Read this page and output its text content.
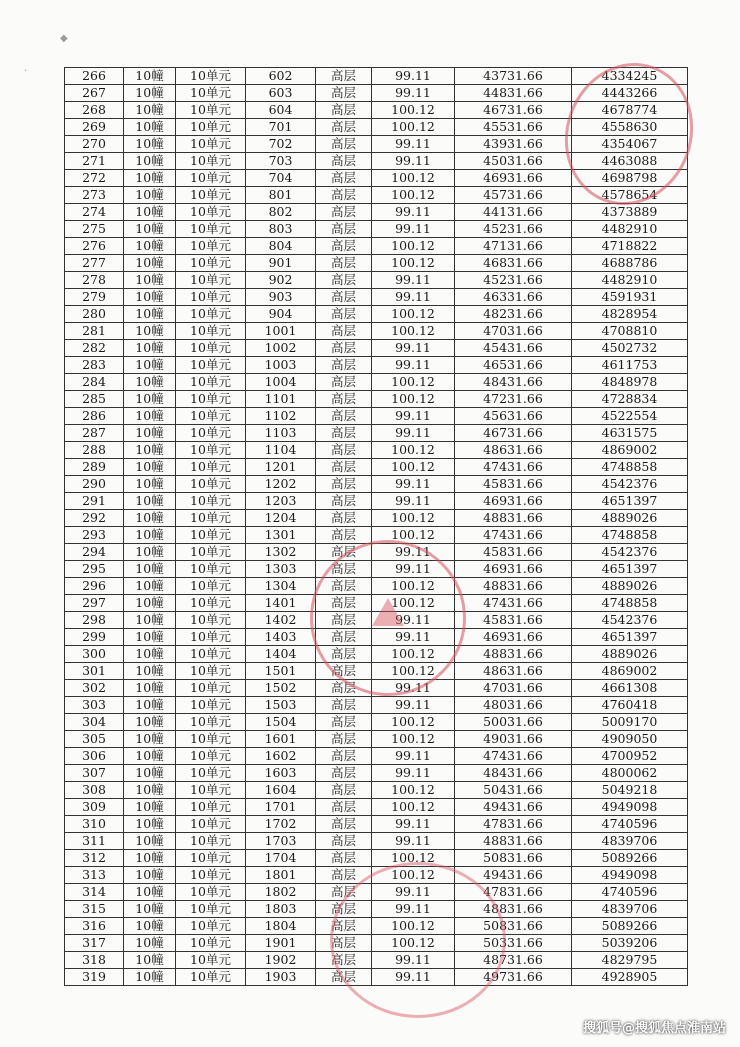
◆
·	266	10幢	10单元	602	高层	99.11	43731.66	4334245
267	10幢	10单元	603	高层	99.11	44831.66	4443266
268	10幢	10单元	604	高层	100.12	46731.66	4678774
269	10幢	10单元	701	高层	100.12	45531.66	4558630
270	10幢	10单元	702	高层	99.11	43931.66	4354067
271	10幢	10单元	703	高层	99.11	45031.66	4463088
272	10幢	10单元	704	高层	100.12	46931.66	4698798
273	10幢	10单元	801	高层	100.12	45731.66	4578654
274	10幢	10单元	802	高层	99.11	44131.66	4373889
275	10幢	10单元	803	高层	99.11	45231.66	4482910
276	10幢	10单元	804	高层	100.12	47131.66	4718822
277	10幢	10单元	901	高层	100.12	46831.66	4688786
278	10幢	10单元	902	高层	99.11	45231.66	4482910
279	10幢	10单元	903	高层	99.11	46331.66	4591931
280	10幢	10单元	904	高层	100.12	48231.66	4828954
281	10幢	10单元	1001	高层	100.12	47031.66	4708810
282	10幢	10单元	1002	高层	99.11	45431.66	4502732
283	10幢	10单元	1003	高层	99.11	46531.66	4611753
284	10幢	10单元	1004	高层	100.12	48431.66	4848978
285	10幢	10单元	1101	高层	100.12	47231.66	4728834
286	10幢	10单元	1102	高层	99.11	45631.66	4522554
287	10幢	10单元	1103	高层	99.11	46731.66	4631575
288	10幢	10单元	1104	高层	100.12	48631.66	4869002
289	10幢	10单元	1201	高层	100.12	47431.66	4748858
290	10幢	10单元	1202	高层	99.11	45831.66	4542376
291	10幢	10单元	1203	高层	99.11	46931.66	4651397
292	10幢	10单元	1204	高层	100.12	48831.66	4889026
293	10幢	10单元	1301	高层	100.12	47431.66	4748858
294	10幢	10单元	1302	高层	99.11	45831.66	4542376
295	10幢	10单元	1303	高层	99.11	46931.66	4651397
296	10幢	10单元	1304	高层	100.12	48831.66	4889026
297	10幢	10单元	1401	高层	100.12	47431.66	4748858
298	10幢	10单元	1402	高层	99.11	45831.66	4542376
299	10幢	10单元	1403	高层	99.11	46931.66	4651397
300	10幢	10单元	1404	高层	100.12	48831.66	4889026
301	10幢	10单元	1501	高层	100.12	48631.66	4869002
302	10幢	10单元	1502	高层	99.11	47031.66	4661308
303	10幢	10单元	1503	高层	99.11	48031.66	4760418
304	10幢	10单元	1504	高层	100.12	50031.66	5009170
305	10幢	10单元	1601	高层	100.12	49031.66	4909050
306	10幢	10单元	1602	高层	99.11	47431.66	4700952
307	10幢	10单元	1603	高层	99.11	48431.66	4800062
308	10幢	10单元	1604	高层	100.12	50431.66	5049218
309	10幢	10单元	1701	高层	100.12	49431.66	4949098
310	10幢	10单元	1702	高层	99.11	47831.66	4740596
311	10幢	10单元	1703	高层	99.11	48831.66	4839706
312	10幢	10单元	1704	高层	100.12	50831.66	5089266
313	10幢	10单元	1801	高层	100.12	49431.66	4949098
314	10幢	10单元	1802	高层	99.11	47831.66	4740596
315	10幢	10单元	1803	高层	99.11	48831.66	4839706
316	10幢	10单元	1804	高层	100.12	50831.66	5089266
317	10幢	10单元	1901	高层	100.12	50331.66	5039206
318	10幢	10单元	1902	高层	99.11	48731.66	4829795
319	10幢	10单元	1903	高层	99.11	49731.66	4928905
搜狐号@搜狐焦点淮南站
